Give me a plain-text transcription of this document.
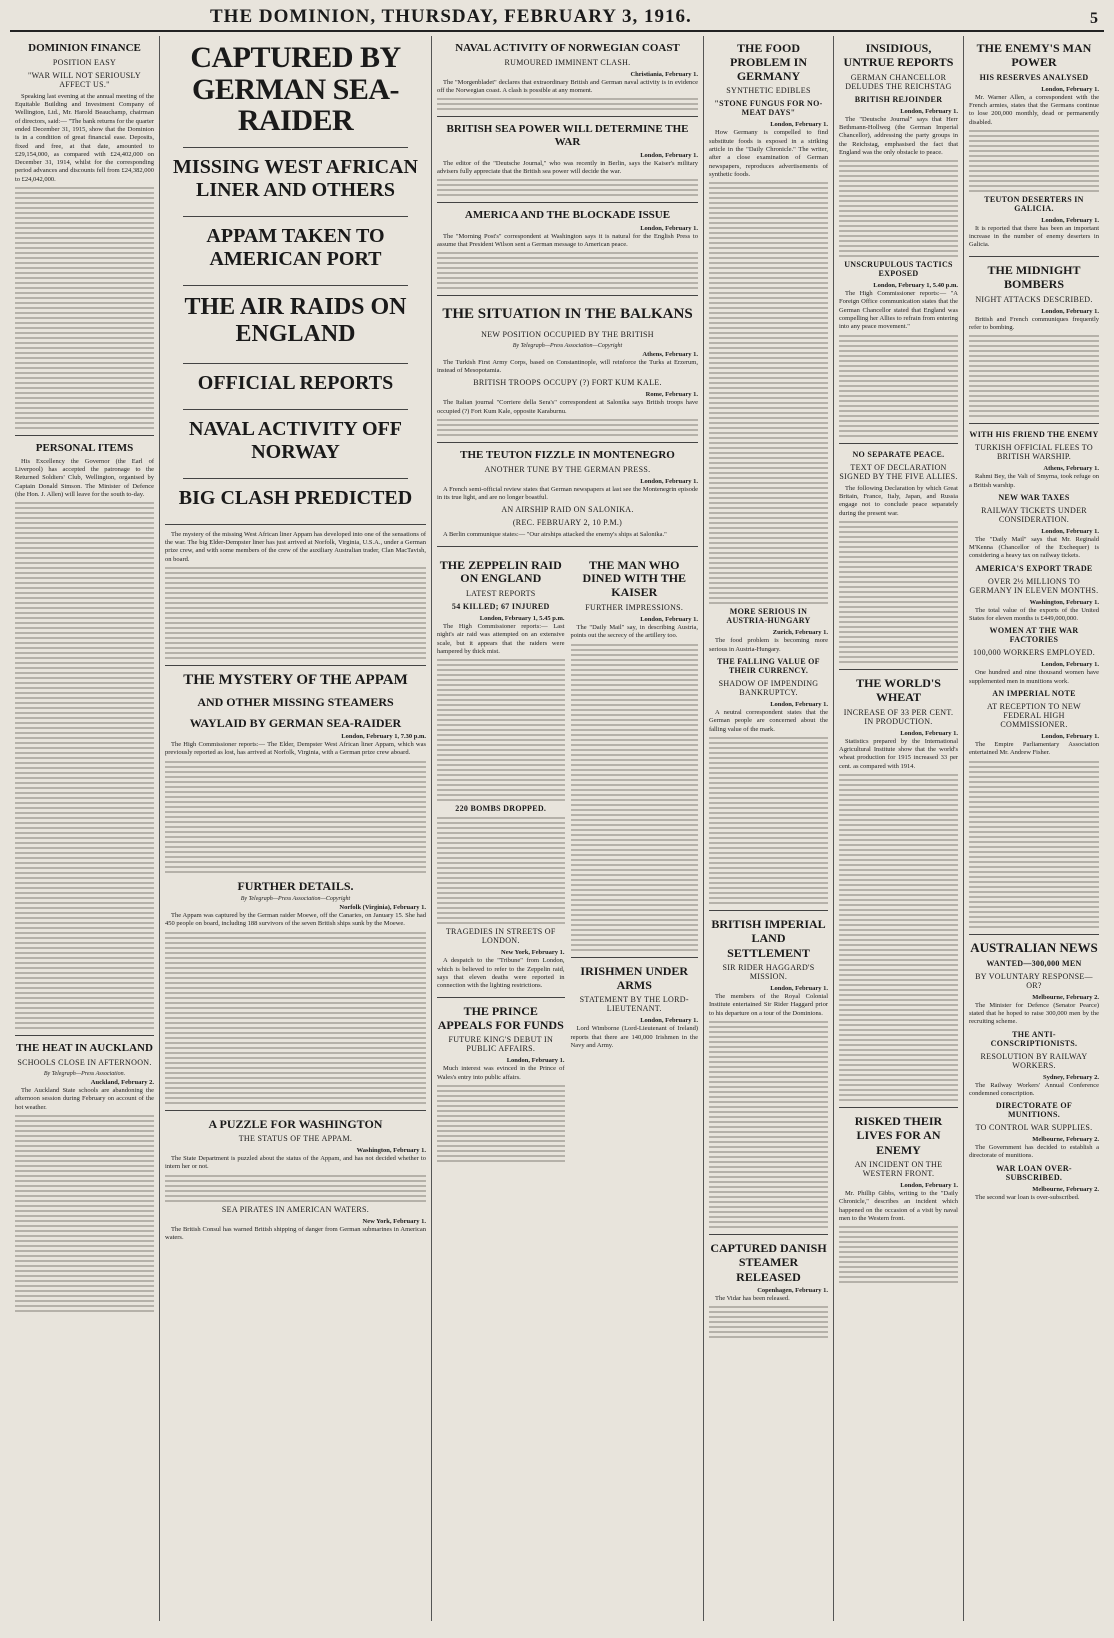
THE DOMINION, THURSDAY, FEBRUARY 3, 1916.	5
DOMINION FINANCE
POSITION EASY
"WAR WILL NOT SERIOUSLY AFFECT US."

Speaking last evening at the annual meeting of the Equitable Building and Investment Company of Wellington, Ltd., Mr. Harold Beauchamp, chairman of directors, said:— "The bank returns for the quarter ended December 31, 1915, show that the Dominion is in a condition of great financial ease. Deposits, fixed and free, at that date, amounted to £29,154,000, as compared with £24,402,000 on December 31, 1914, whilst for the corresponding period advances and discounts fell from £24,382,000 to £24,042,000.

PERSONAL ITEMS

His Excellency the Governor (the Earl of Liverpool) has accepted the patronage to the Returned Soldiers' Club, Wellington, organised by Captain Donald Simson. The Minister of Defence (the Hon. J. Allen) will leave for the south to-day.

THE HEAT IN AUCKLAND
SCHOOLS CLOSE IN AFTERNOON.
By Telegraph—Press Association.
Auckland, February 2.

The Auckland State schools are abandoning the afternoon session during February on account of the hot weather.

CAPTURED BY GERMAN SEA-RAIDER
MISSING WEST AFRICAN LINER AND OTHERS
APPAM TAKEN TO AMERICAN PORT
THE AIR RAIDS ON ENGLAND
OFFICIAL REPORTS
NAVAL ACTIVITY OFF NORWAY
BIG CLASH PREDICTED

The mystery of the missing West African liner Appam has developed into one of the sensations of the war. The big Elder-Dempster liner has just arrived at Norfolk, Virginia, U.S.A., under a German prize crew, and with some members of the crew of the auxiliary Australian trader, Clan MacTavish, on board.

THE MYSTERY OF THE APPAM
AND OTHER MISSING STEAMERS
WAYLAID BY GERMAN SEA-RAIDER
London, February 1, 7.30 p.m.

The High Commissioner reports:— The Elder, Dempster West African liner Appam, which was previously reported as lost, has arrived at Norfolk, Virginia, with a German prize crew aboard.

FURTHER DETAILS.
By Telegraph—Press Association—Copyright
Norfolk (Virginia), February 1.

The Appam was captured by the German raider Moewe, off the Canaries, on January 15. She had 450 people on board, including 188 survivors of the seven British ships sunk by the Moewe.

A PUZZLE FOR WASHINGTON
THE STATUS OF THE APPAM.
Washington, February 1.

The State Department is puzzled about the status of the Appam, and has not decided whether to intern her or not.

SEA PIRATES IN AMERICAN WATERS.
New York, February 1.

The British Consul has warned British shipping of danger from German submarines in American waters.

NAVAL ACTIVITY OF NORWEGIAN COAST
RUMOURED IMMINENT CLASH.
Christiania, February 1.

The "Morgenbladet" declares that extraordinary British and German naval activity is in evidence off the Norwegian coast. A clash is possible at any moment.

BRITISH SEA POWER WILL DETERMINE THE WAR
London, February 1.

The editor of the "Deutsche Journal," who was recently in Berlin, says the Kaiser's military advisers fully appreciate that the British sea power will decide the war.

AMERICA AND THE BLOCKADE ISSUE
London, February 1.

The "Morning Post's" correspondent at Washington says it is natural for the English Press to assume that President Wilson sent a German message to American peace.

THE SITUATION IN THE BALKANS
NEW POSITION OCCUPIED BY THE BRITISH
By Telegraph—Press Association—Copyright
Athens, February 1.

The Turkish First Army Corps, based on Constantinople, will reinforce the Turks at Erzerum, instead of Mesopotamia.

BRITISH TROOPS OCCUPY (?) FORT KUM KALE.
Rome, February 1.

The Italian journal "Corriere della Sera's" correspondent at Salonika says British troops have occupied (?) Fort Kum Kale, opposite Karaburnu.

THE TEUTON FIZZLE IN MONTENEGRO
ANOTHER TUNE BY THE GERMAN PRESS.
London, February 1.

A French semi-official review states that German newspapers at last see the Montenegrin episode in its true light, and are no longer boastful.

AN AIRSHIP RAID ON SALONIKA.
(REC. FEBRUARY 2, 10 P.M.)

A Berlin communique states:— "Our airships attacked the enemy's ships at Salonika."

THE ZEPPELIN RAID ON ENGLAND
LATEST REPORTS
54 KILLED; 67 INJURED
London, February 1, 5.45 p.m.

The High Commissioner reports:— Last night's air raid was attempted on an extensive scale, but it appears that the raiders were hampered by thick mist.

220 BOMBS DROPPED.
TRAGEDIES IN STREETS OF LONDON.
New York, February 1.

A despatch to the "Tribune" from London, which is believed to refer to the Zeppelin raid, says that eleven deaths were reported in connection with the lighting restrictions.

THE PRINCE APPEALS FOR FUNDS
FUTURE KING'S DEBUT IN PUBLIC AFFAIRS.
London, February 1.

Much interest was evinced in the Prince of Wales's entry into public affairs.

THE MAN WHO DINED WITH THE KAISER
FURTHER IMPRESSIONS.
London, February 1.

The "Daily Mail" say, in describing Austria, points out the secrecy of the artillery too.

IRISHMEN UNDER ARMS
STATEMENT BY THE LORD-LIEUTENANT.
London, February 1.

Lord Wimborne (Lord-Lieutenant of Ireland) reports that there are 140,000 Irishmen in the Navy and Army.

THE FOOD PROBLEM IN GERMANY
SYNTHETIC EDIBLES
"STONE FUNGUS FOR NO-MEAT DAYS"
London, February 1.

How Germany is compelled to find substitute foods is exposed in a striking article in the "Daily Chronicle." The writer, after a close examination of German newspapers, reproduces advertisements of synthetic foods.

MORE SERIOUS IN AUSTRIA-HUNGARY
Zurich, February 1.

The food problem is becoming more serious in Austria-Hungary.

THE FALLING VALUE OF THEIR CURRENCY.
SHADOW OF IMPENDING BANKRUPTCY.
London, February 1.

A neutral correspondent states that the German people are concerned about the falling value of the mark.

BRITISH IMPERIAL LAND SETTLEMENT
SIR RIDER HAGGARD'S MISSION.
London, February 1.

The members of the Royal Colonial Institute entertained Sir Rider Haggard prior to his departure on a tour of the Dominions.

CAPTURED DANISH STEAMER RELEASED
Copenhagen, February 1.

The Vidar has been released.

INSIDIOUS, UNTRUE REPORTS
GERMAN CHANCELLOR DELUDES THE REICHSTAG
BRITISH REJOINDER
London, February 1.

The "Deutsche Journal" says that Herr Bethmann-Hollweg (the German Imperial Chancellor), addressing the party groups in the Reichstag, emphasised the fact that England was the only obstacle to peace.

UNSCRUPULOUS TACTICS EXPOSED
London, February 1, 5.40 p.m.

The High Commissioner reports:— "A Foreign Office communication states that the German Chancellor stated that England was compelling her Allies to refrain from entering into any peace movement."

NO SEPARATE PEACE.
TEXT OF DECLARATION SIGNED BY THE FIVE ALLIES.

The following Declaration by which Great Britain, France, Italy, Japan, and Russia engage not to conclude peace separately during the present war.

THE WORLD'S WHEAT
INCREASE OF 33 PER CENT. IN PRODUCTION.
London, February 1.

Statistics prepared by the International Agricultural Institute show that the world's wheat production for 1915 increased 33 per cent. as compared with 1914.

RISKED THEIR LIVES FOR AN ENEMY
AN INCIDENT ON THE WESTERN FRONT.
London, February 1.

Mr. Phillip Gibbs, writing to the "Daily Chronicle," describes an incident which happened on the occasion of a visit by naval men to the Western front.

THE ENEMY'S MAN POWER
HIS RESERVES ANALYSED
London, February 1.

Mr. Warner Allen, a correspondent with the French armies, states that the Germans continue to lose 200,000 monthly, dead or permanently disabled.

TEUTON DESERTERS IN GALICIA.
London, February 1.

It is reported that there has been an important increase in the number of enemy deserters in Galicia.

THE MIDNIGHT BOMBERS
NIGHT ATTACKS DESCRIBED.
London, February 1.

British and French communiques frequently refer to bombing.

WITH HIS FRIEND THE ENEMY
TURKISH OFFICIAL FLEES TO BRITISH WARSHIP.
Athens, February 1.

Rahmi Bey, the Vali of Smyrna, took refuge on a British warship.

NEW WAR TAXES
RAILWAY TICKETS UNDER CONSIDERATION.
London, February 1.

The "Daily Mail" says that Mr. Reginald M'Kenna (Chancellor of the Exchequer) is considering a heavy tax on railway tickets.

AMERICA'S EXPORT TRADE
OVER 2½ MILLIONS TO GERMANY IN ELEVEN MONTHS.
Washington, February 1.

The total value of the exports of the United States for eleven months is £449,000,000.

WOMEN AT THE WAR FACTORIES
100,000 WORKERS EMPLOYED.
London, February 1.

One hundred and nine thousand women have supplemented men in munitions work.

AN IMPERIAL NOTE
AT RECEPTION TO NEW FEDERAL HIGH COMMISSIONER.
London, February 1.

The Empire Parliamentary Association entertained Mr. Andrew Fisher.

AUSTRALIAN NEWS
WANTED—300,000 MEN
BY VOLUNTARY RESPONSE—OR?
Melbourne, February 2.

The Minister for Defence (Senator Pearce) stated that he hoped to raise 300,000 men by the recruiting scheme.

THE ANTI-CONSCRIPTIONISTS.
RESOLUTION BY RAILWAY WORKERS.
Sydney, February 2.

The Railway Workers' Annual Conference condemned conscription.

DIRECTORATE OF MUNITIONS.
TO CONTROL WAR SUPPLIES.
Melbourne, February 2.

The Government has decided to establish a directorate of munitions.

WAR LOAN OVER-SUBSCRIBED.
Melbourne, February 2.

The second war loan is over-subscribed.
